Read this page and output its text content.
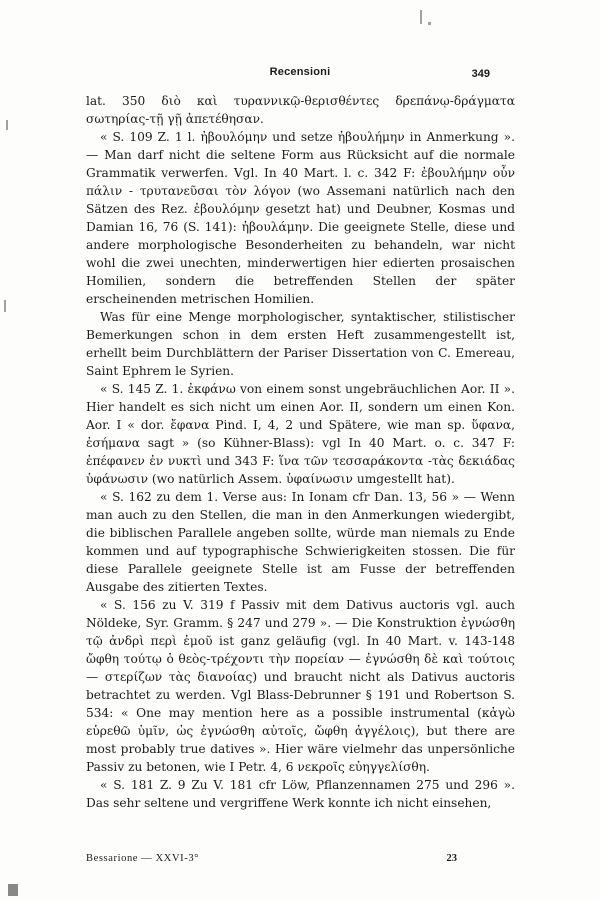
Recensioni	349

lat. 350 διὸ καὶ τυραννικῷ-θερισθέντες δρεπάνῳ-δράγματα σωτηρίας-τῇ γῇ ἀπετέθησαν.

« S. 109 Z. 1 l. ἠβουλόμην und setze ἠβουλήμην in Anmerkung ». — Man darf nicht die seltene Form aus Rücksicht auf die normale Grammatik verwerfen. Vgl. In 40 Mart. l. c. 342 F: ἐβουλήμην οὖν πάλιν - τρυτανεῦσαι τὸν λόγον (wo Assemani natürlich nach den Sätzen des Rez. ἐβουλόμην gesetzt hat) und Deubner, Kosmas und Damian 16, 76 (S. 141): ἠβουλάμην. Die geeignete Stelle, diese und andere morphologische Besonderheiten zu behandeln, war nicht wohl die zwei unechten, minderwertigen hier edierten prosaischen Homilien, sondern die betreffenden Stellen der später erscheinenden metrischen Homilien.

Was für eine Menge morphologischer, syntaktischer, stilistischer Bemerkungen schon in dem ersten Heft zusammengestellt ist, erhellt beim Durchblättern der Pariser Dissertation von C. Emereau, Saint Ephrem le Syrien.

« S. 145 Z. 1. ἐκφάνω von einem sonst ungebräuchlichen Aor. II ». Hier handelt es sich nicht um einen Aor. II, sondern um einen Kon. Aor. I « dor. ἔφανα Pind. I, 4, 2 und Spätere, wie man sp. ὕφανα, ἐσήμανα sagt » (so Kühner-Blass): vgl In 40 Mart. o. c. 347 F: ἐπέφανεν ἐν νυκτὶ und 343 F: ἵνα τῶν τεσσαράκοντα -τὰς δεκιάδας ὑφάνωσιν (wo natürlich Assem. ὑφαίνωσιν umgestellt hat).

« S. 162 zu dem 1. Verse aus: In Ionam cfr Dan. 13, 56 » — Wenn man auch zu den Stellen, die man in den Anmerkungen wiedergibt, die biblischen Parallele angeben sollte, würde man niemals zu Ende kommen und auf typographische Schwierigkeiten stossen. Die für diese Parallele geeignete Stelle ist am Fusse der betreffenden Ausgabe des zitierten Textes.

« S. 156 zu V. 319 f Passiv mit dem Dativus auctoris vgl. auch Nöldeke, Syr. Gramm. § 247 und 279 ». — Die Konstruktion ἐγνώσθη τῷ ἀνδρὶ περὶ ἐμοῦ ist ganz geläufig (vgl. In 40 Mart. v. 143-148 ὤφθη τούτῳ ὁ θεὸς-τρέχοντι τὴν πορείαν — ἐγνώσθη δὲ καὶ τούτοις — στερίζων τὰς διανοίας) und braucht nicht als Dativus auctoris betrachtet zu werden. Vgl Blass-Debrunner § 191 und Robertson S. 534: « One may mention here as a possible instrumental (κἀγὼ εὑρεθῶ ὑμῖν, ὡς ἐγνώσθη αὐτοῖς, ὤφθη ἀγγέλοις), but there are most probably true datives ». Hier wäre vielmehr das unpersönliche Passiv zu betonen, wie I Petr. 4, 6 νεκροῖς εὐηγγελίσθη.

« S. 181 Z. 9 Zu V. 181 cfr Löw, Pflanzennamen 275 und 296 ». Das sehr seltene und vergriffene Werk konnte ich nicht einsehen,

Bessarione — XXVI-3°	23
